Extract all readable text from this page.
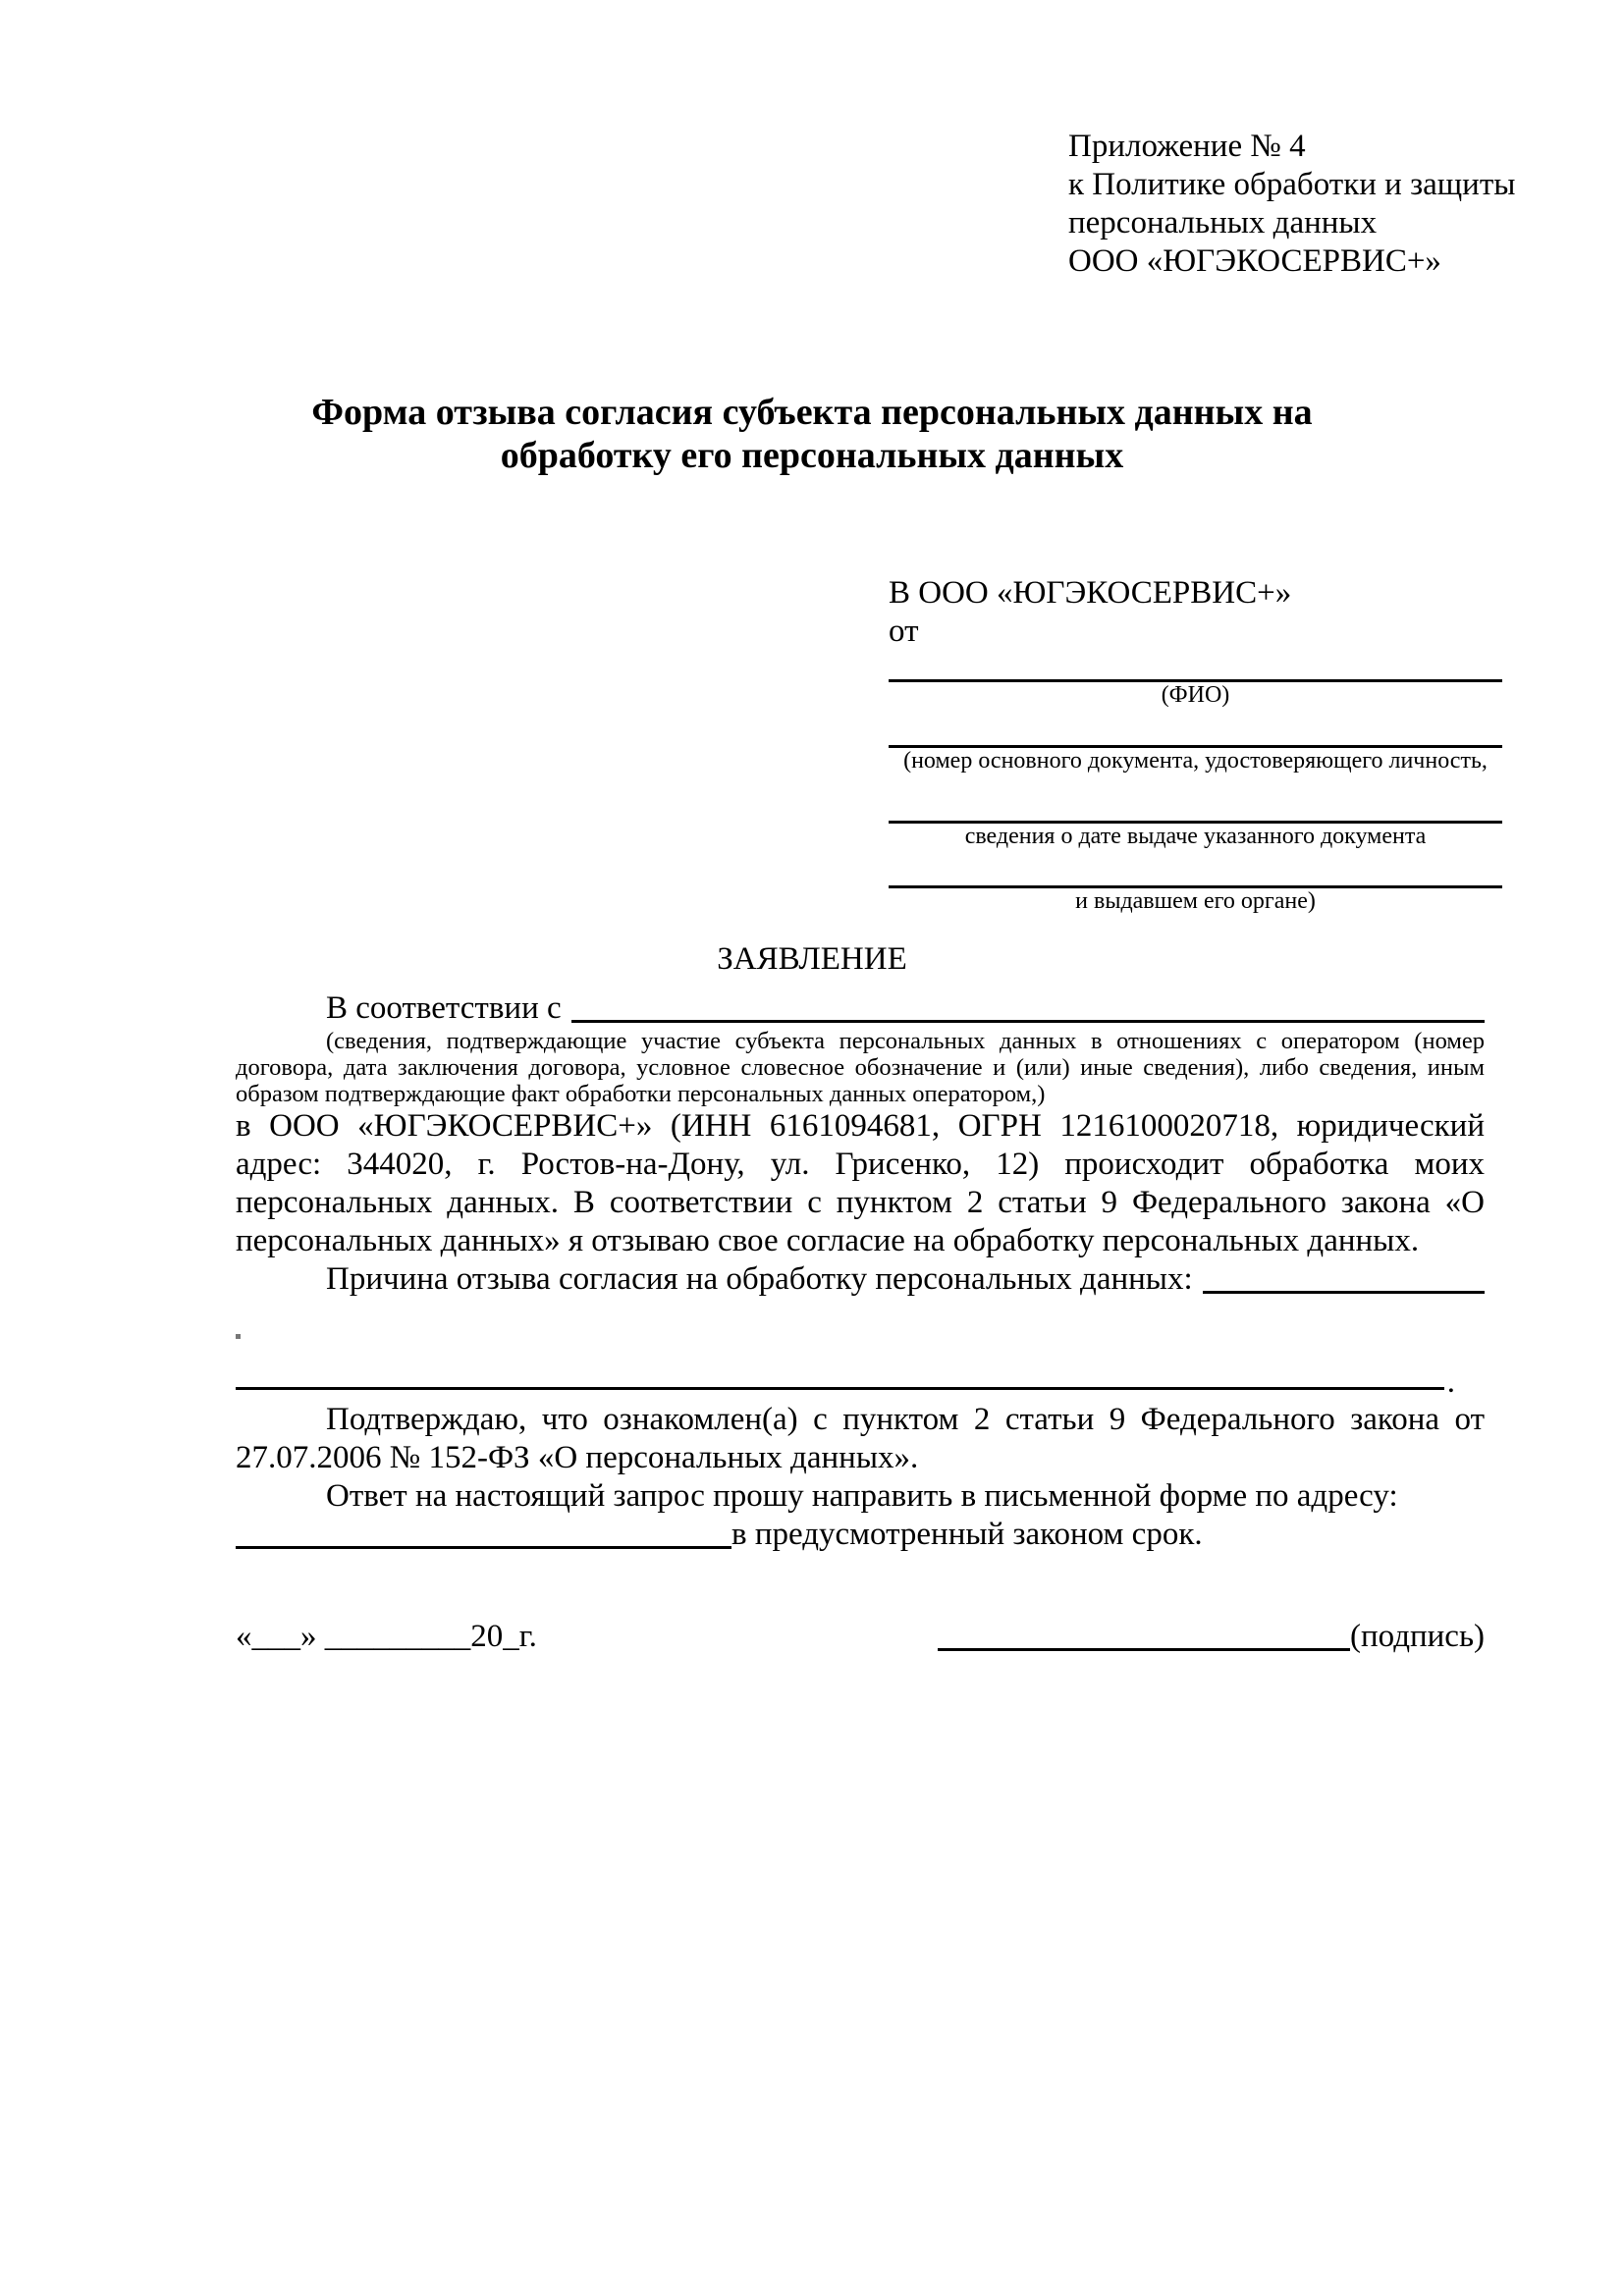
Приложение № 4
к Политике обработки и защиты
персональных данных
ООО «ЮГЭКОСЕРВИС+»
Форма отзыва согласия субъекта персональных данных на
обработку его персональных данных
В ООО «ЮГЭКОСЕРВИС+»
от
(ФИО)
(номер основного документа, удостоверяющего личность,
сведения о дате выдаче указанного документа
и выдавшем его органе)
ЗАЯВЛЕНИЕ
В соответствии с
(сведения, подтверждающие участие субъекта персональных данных в отношениях с оператором (номер договора, дата заключения договора, условное словесное обозначение и (или) иные сведения), либо сведения, иным образом подтверждающие факт обработки персональных данных оператором,)

в ООО «ЮГЭКОСЕРВИС+» (ИНН 6161094681, ОГРН 1216100020718, юридический адрес: 344020, г. Ростов-на-Дону, ул. Грисенко, 12) происходит обработка моих персональных данных. В соответствии с пунктом 2 статьи 9 Федерального закона «О персональных данных» я отзываю свое согласие на обработку персональных данных.

Причина отзыва согласия на обработку персональных данных:
.

Подтверждаю, что ознакомлен(а) с пунктом 2 статьи 9 Федерального закона от 27.07.2006 № 152-ФЗ «О персональных данных».

Ответ на настоящий запрос прошу направить в письменной форме по адресу:

в предусмотренный законом срок.
«___» _________20_г.	(подпись)
